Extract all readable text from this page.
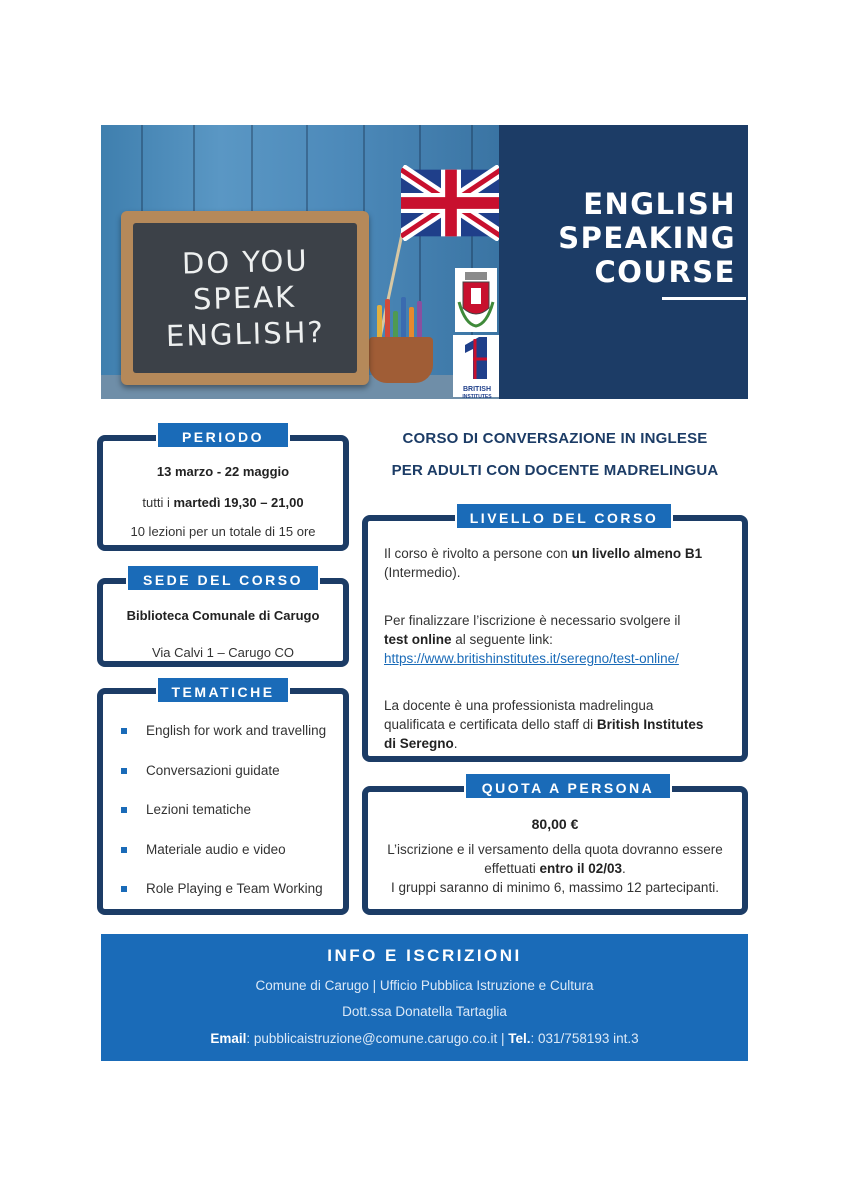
DO YOU
SPEAK
ENGLISH?
BRITISH
INSTITUTES
ENGLISH
SPEAKING
COURSE
CORSO DI CONVERSAZIONE IN INGLESE
PER ADULTI CON DOCENTE MADRELINGUA
13 marzo - 22 maggio
tutti i martedì 19,30 – 21,00
10 lezioni per un totale di 15 ore
PERIODO
Biblioteca Comunale di Carugo
Via Calvi 1 – Carugo CO
SEDE DEL CORSO
English for work and travelling
Conversazioni guidate
Lezioni tematiche
Materiale audio e video
Role Playing e Team Working
TEMATICHE
Il corso è rivolto a persone con un livello almeno B1
(Intermedio).
Per finalizzare l’iscrizione è necessario svolgere il
test online al seguente link:
https://www.britishinstitutes.it/seregno/test-online/
La docente è una professionista madrelingua
qualificata e certificata dello staff di British Institutes
di Seregno.
LIVELLO DEL CORSO
80,00 €
L’iscrizione e il versamento della quota dovranno essere
effettuati entro il 02/03.
I gruppi saranno di minimo 6, massimo 12 partecipanti.
QUOTA A PERSONA
INFO E ISCRIZIONI
Comune di Carugo | Ufficio Pubblica Istruzione e Cultura
Dott.ssa Donatella Tartaglia
Email: pubblicaistruzione@comune.carugo.co.it | Tel.: 031/758193 int.3
